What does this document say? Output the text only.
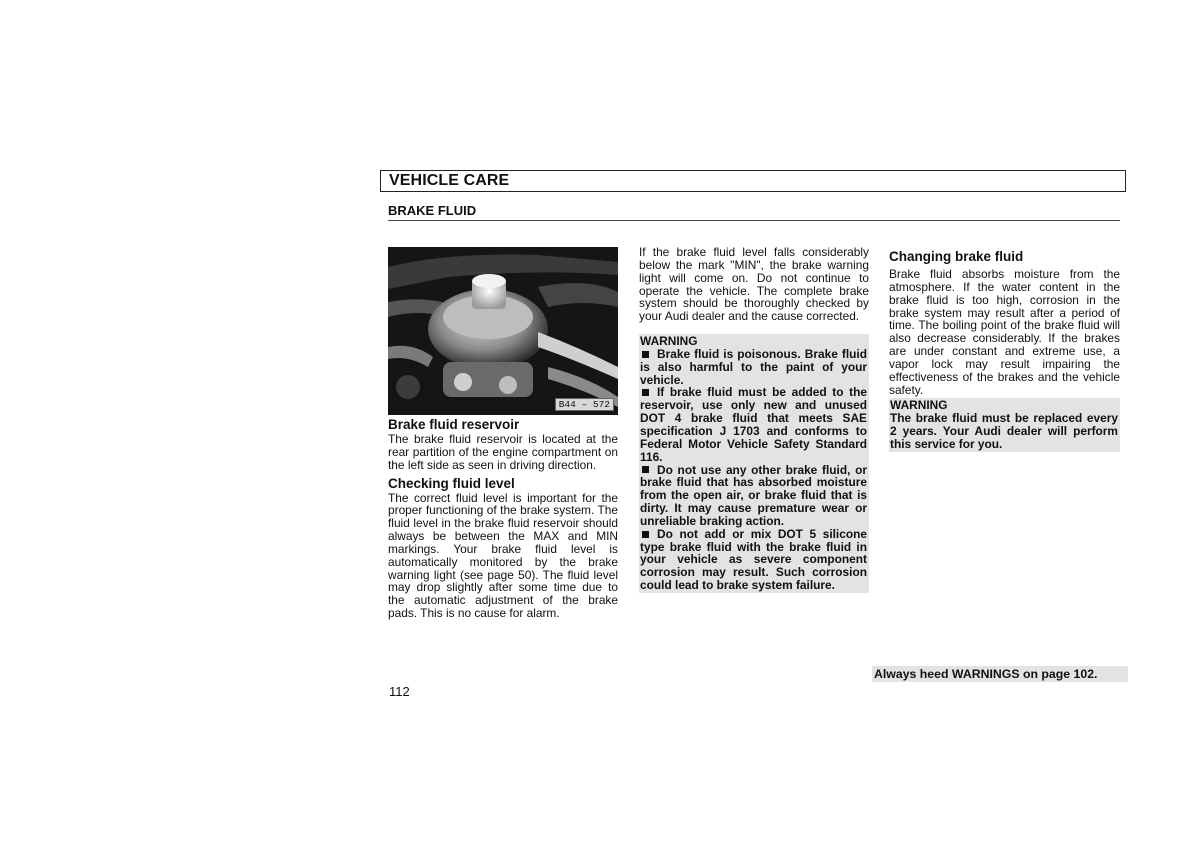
VEHICLE CARE
BRAKE FLUID
B44 – 572
Brake fluid reservoir

The brake fluid reservoir is located at the rear partition of the engine compartment on the left side as seen in driving direction.

Checking fluid level

The correct fluid level is important for the proper functioning of the brake system. The fluid level in the brake fluid reservoir should always be between the MAX and MIN markings. Your brake fluid level is automatically monitored by the brake warning light (see page 50). The fluid level may drop slightly after some time due to the automatic adjustment of the brake pads. This is no cause for alarm.

If the brake fluid level falls considerably below the mark "MIN", the brake warning light will come on. Do not continue to operate the vehicle. The complete brake system should be thoroughly checked by your Audi dealer and the cause corrected.

WARNING

Brake fluid is poisonous. Brake fluid is also harmful to the paint of your vehicle.

If brake fluid must be added to the reservoir, use only new and unused DOT 4 brake fluid that meets SAE specification J 1703 and conforms to Federal Motor Vehicle Safety Standard 116.

Do not use any other brake fluid, or brake fluid that has absorbed moisture from the open air, or brake fluid that is dirty. It may cause premature wear or unreliable braking action.

Do not add or mix DOT 5 silicone type brake fluid with the brake fluid in your vehicle as severe component corrosion may result. Such corrosion could lead to brake system failure.

Changing brake fluid

Brake fluid absorbs moisture from the atmosphere. If the water content in the brake fluid is too high, corrosion in the brake system may result after a period of time. The boiling point of the brake fluid will also decrease considerably. If the brakes are under constant and extreme use, a vapor lock may result impairing the effectiveness of the brakes and the vehicle safety.

WARNING

The brake fluid must be replaced every 2 years. Your Audi dealer will perform this service for you.

Always heed WARNINGS on page 102.
112
